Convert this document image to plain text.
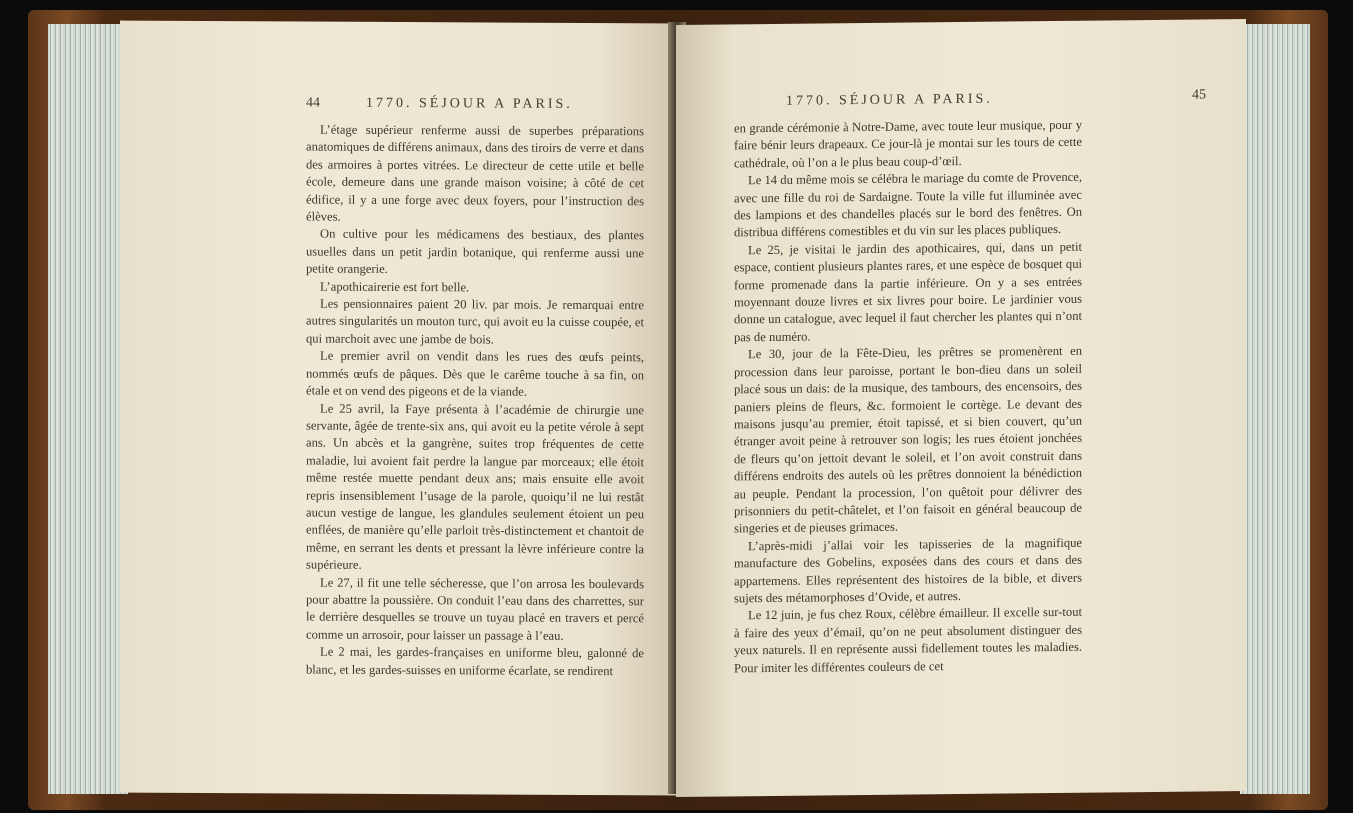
44	1770. SÉJOUR A PARIS.

L’étage supérieur renferme aussi de superbes préparations anatomiques de différens animaux, dans des tiroirs de verre et dans des armoires à portes vitrées. Le directeur de cette utile et belle école, demeure dans une grande maison voisine; à côté de cet édifice, il y a une forge avec deux foyers, pour l’instruction des élèves.

On cultive pour les médicamens des bestiaux, des plantes usuelles dans un petit jardin botanique, qui renferme aussi une petite orangerie.

L’apothicairerie est fort belle.

Les pensionnaires paient 20 liv. par mois. Je remarquai entre autres singularités un mouton turc, qui avoit eu la cuisse coupée, et qui marchoit avec une jambe de bois.

Le premier avril on vendit dans les rues des œufs peints, nommés œufs de pâques. Dès que le carême touche à sa fin, on étale et on vend des pigeons et de la viande.

Le 25 avril, la Faye présenta à l’académie de chirurgie une servante, âgée de trente-six ans, qui avoit eu la petite vérole à sept ans. Un abcès et la gangrène, suites trop fréquentes de cette maladie, lui avoient fait perdre la langue par morceaux; elle étoit même restée muette pendant deux ans; mais ensuite elle avoit repris insensiblement l’usage de la parole, quoiqu’il ne lui restât aucun vestige de langue, les glandules seulement étoient un peu enflées, de manière qu’elle parloit très-distinctement et chantoit de même, en serrant les dents et pressant la lèvre inférieure contre la supérieure.

Le 27, il fit une telle sécheresse, que l’on arrosa les boulevards pour abattre la poussière. On conduit l’eau dans des charrettes, sur le derrière desquelles se trouve un tuyau placé en travers et percé comme un arrosoir, pour laisser un passage à l’eau.

Le 2 mai, les gardes-françaises en uniforme bleu, galonné de blanc, et les gardes-suisses en uniforme écarlate, se rendirent

1770. SÉJOUR A PARIS.	45

en grande cérémonie à Notre-Dame, avec toute leur musique, pour y faire bénir leurs drapeaux. Ce jour-là je montai sur les tours de cette cathédrale, où l’on a le plus beau coup-d’œil.

Le 14 du même mois se célébra le mariage du comte de Provence, avec une fille du roi de Sardaigne. Toute la ville fut illuminée avec des lampions et des chandelles placés sur le bord des fenêtres. On distribua différens comestibles et du vin sur les places publiques.

Le 25, je visitai le jardin des apothicaires, qui, dans un petit espace, contient plusieurs plantes rares, et une espèce de bosquet qui forme promenade dans la partie inférieure. On y a ses entrées moyennant douze livres et six livres pour boire. Le jardinier vous donne un catalogue, avec lequel il faut chercher les plantes qui n’ont pas de numéro.

Le 30, jour de la Fête-Dieu, les prêtres se promenèrent en procession dans leur paroisse, portant le bon-dieu dans un soleil placé sous un dais: de la musique, des tambours, des encensoirs, des paniers pleins de fleurs, &c. formoient le cortège. Le devant des maisons jusqu’au premier, étoit tapissé, et si bien couvert, qu’un étranger avoit peine à retrouver son logis; les rues étoient jonchées de fleurs qu’on jettoit devant le soleil, et l’on avoit construit dans différens endroits des autels où les prêtres donnoient la bénédiction au peuple. Pendant la procession, l’on quêtoit pour délivrer des prisonniers du petit-châtelet, et l’on faisoit en général beaucoup de singeries et de pieuses grimaces.

L’après-midi j’allai voir les tapisseries de la magnifique manufacture des Gobelins, exposées dans des cours et dans des appartemens. Elles représentent des histoires de la bible, et divers sujets des métamorphoses d’Ovide, et autres.

Le 12 juin, je fus chez Roux, célèbre émailleur. Il excelle sur-tout à faire des yeux d’émail, qu’on ne peut absolument distinguer des yeux naturels. Il en représente aussi fidellement toutes les maladies. Pour imiter les différentes couleurs de cet
